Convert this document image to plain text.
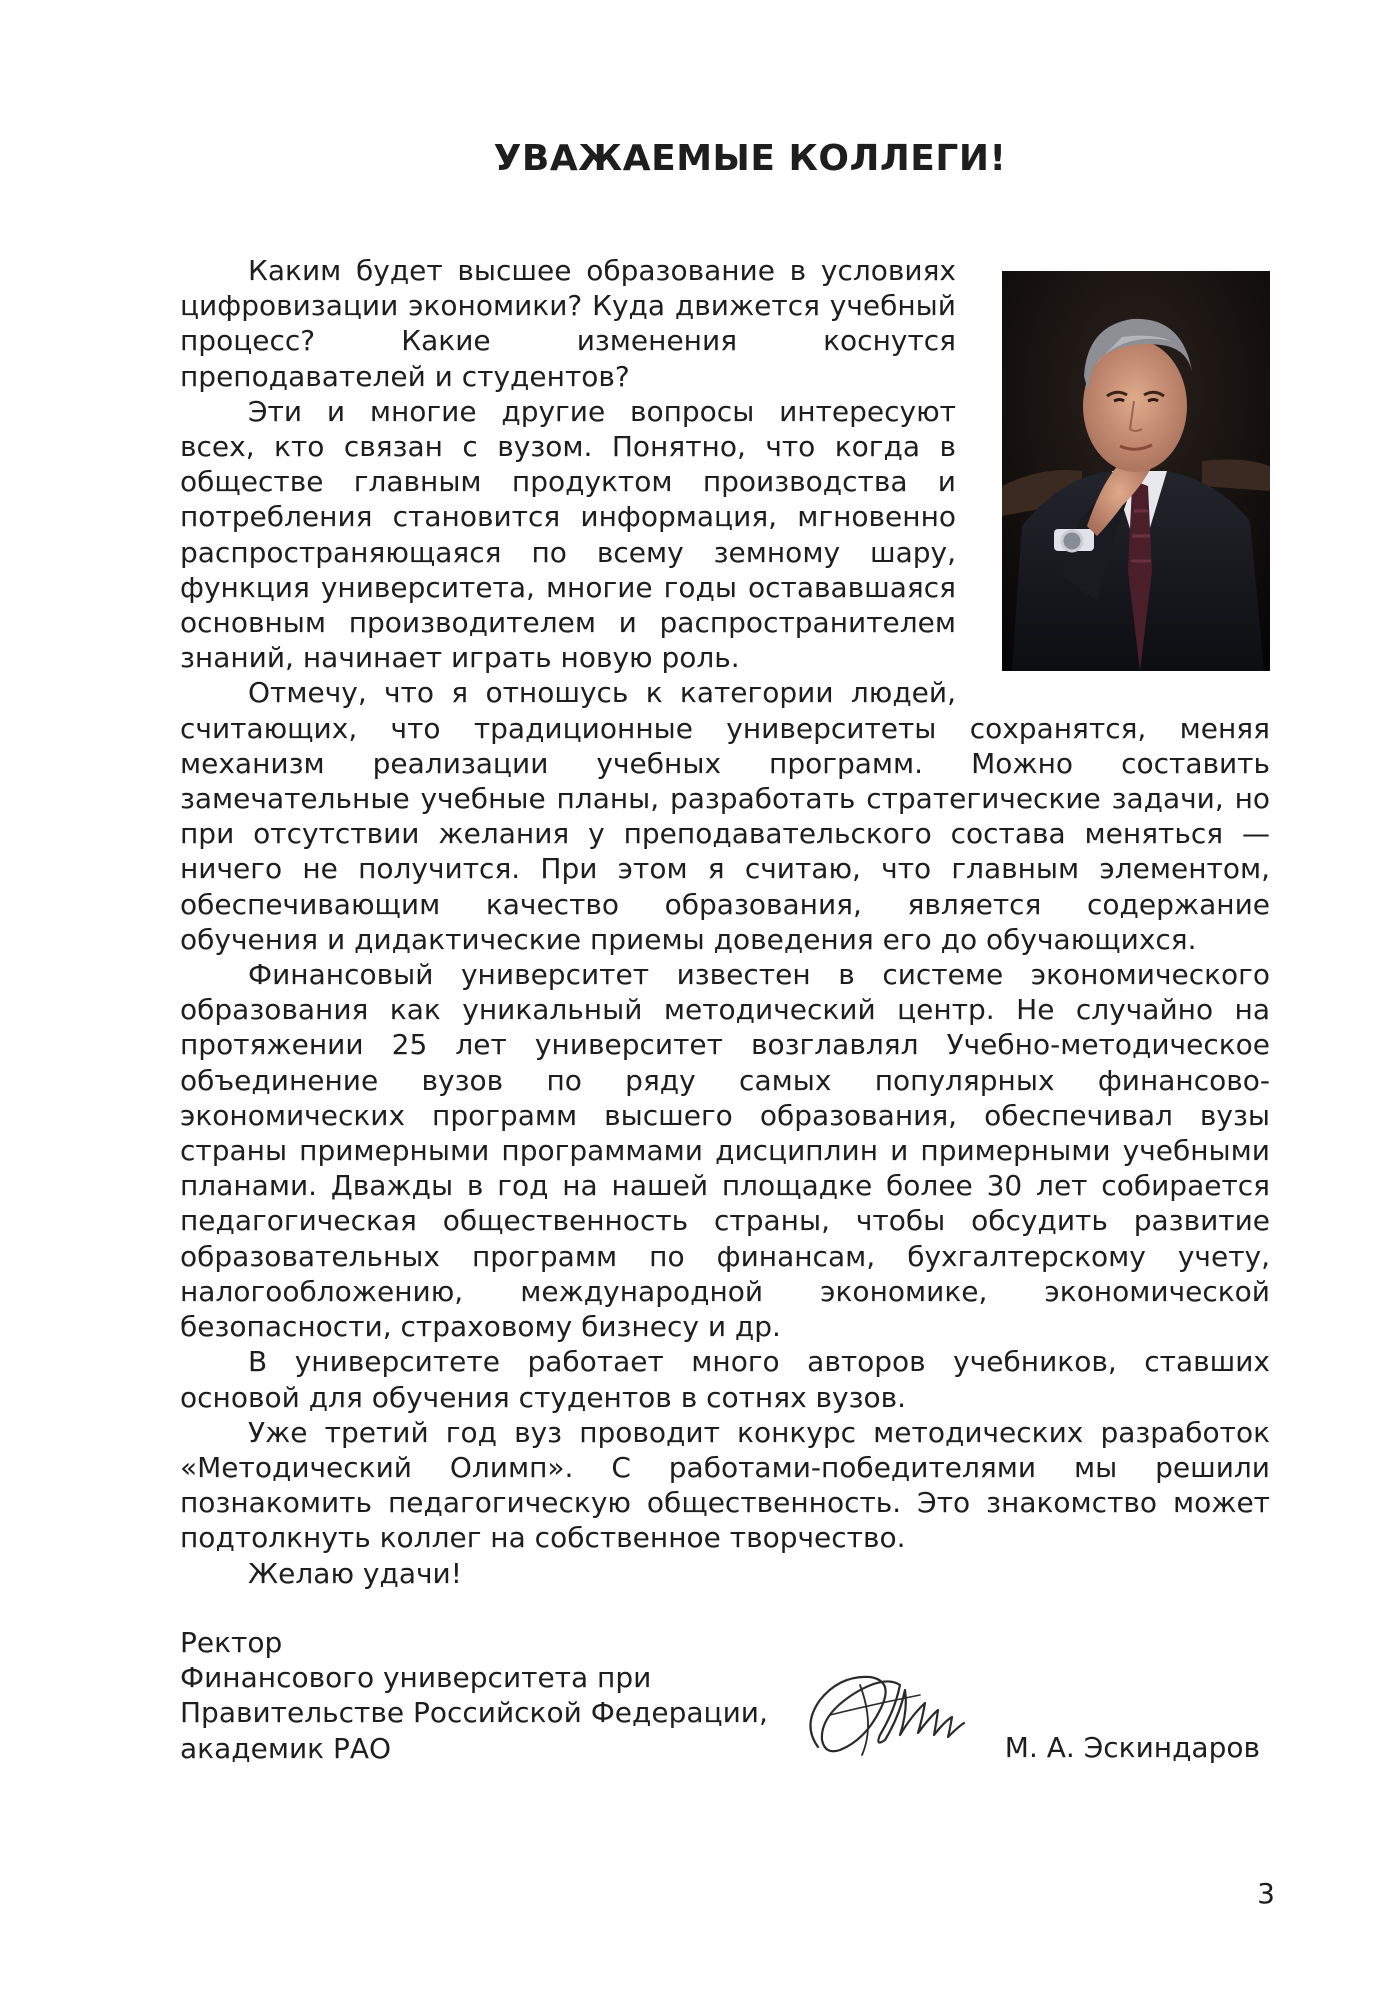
УВАЖАЕМЫЕ КОЛЛЕГИ!

Каким будет высшее образование в условиях цифровизации экономики? Куда движется учебный процесс? Какие изменения коснутся преподавателей и студентов?

Эти и многие другие вопросы интересуют всех, кто связан с вузом. Понятно, что когда в обществе главным продуктом производства и потребления становится информация, мгновенно распространяющаяся по всему земному шару, функция университета, многие годы остававшаяся основным производителем и распространителем знаний, начинает играть новую роль.

Отмечу, что я отношусь к категории людей, считающих, что традиционные университеты сохранятся, меняя механизм реализации учебных программ. Можно составить замечательные учебные планы, разработать стратегические задачи, но при отсутствии желания у преподавательского состава меняться — ничего не получится. При этом я считаю, что главным элементом, обеспечивающим качество образования, является содержание обучения и дидактические приемы доведения его до обучающихся.

Финансовый университет известен в системе экономического образования как уникальный методический центр. Не случайно на протяжении 25 лет университет возглавлял Учебно-методическое объединение вузов по ряду самых популярных финансово-экономических программ высшего образования, обеспечивал вузы страны примерными программами дисциплин и примерными учебными планами. Дважды в год на нашей площадке более 30 лет собирается педагогическая общественность страны, чтобы обсудить развитие образовательных программ по финансам, бухгалтерскому учету, налогообложению, международной экономике, экономической безопасности, страховому бизнесу и др.

В университете работает много авторов учебников, ставших основой для обучения студентов в сотнях вузов.

Уже третий год вуз проводит конкурс методических разработок «Методический Олимп». С работами-победителями мы решили познакомить педагогическую общественность. Это знакомство может подтолкнуть коллег на собственное творчество.

Желаю удачи!

Ректор
Финансового университета при
Правительстве Российской Федерации,
академик РАО	М. А. Эскиндаров
3
